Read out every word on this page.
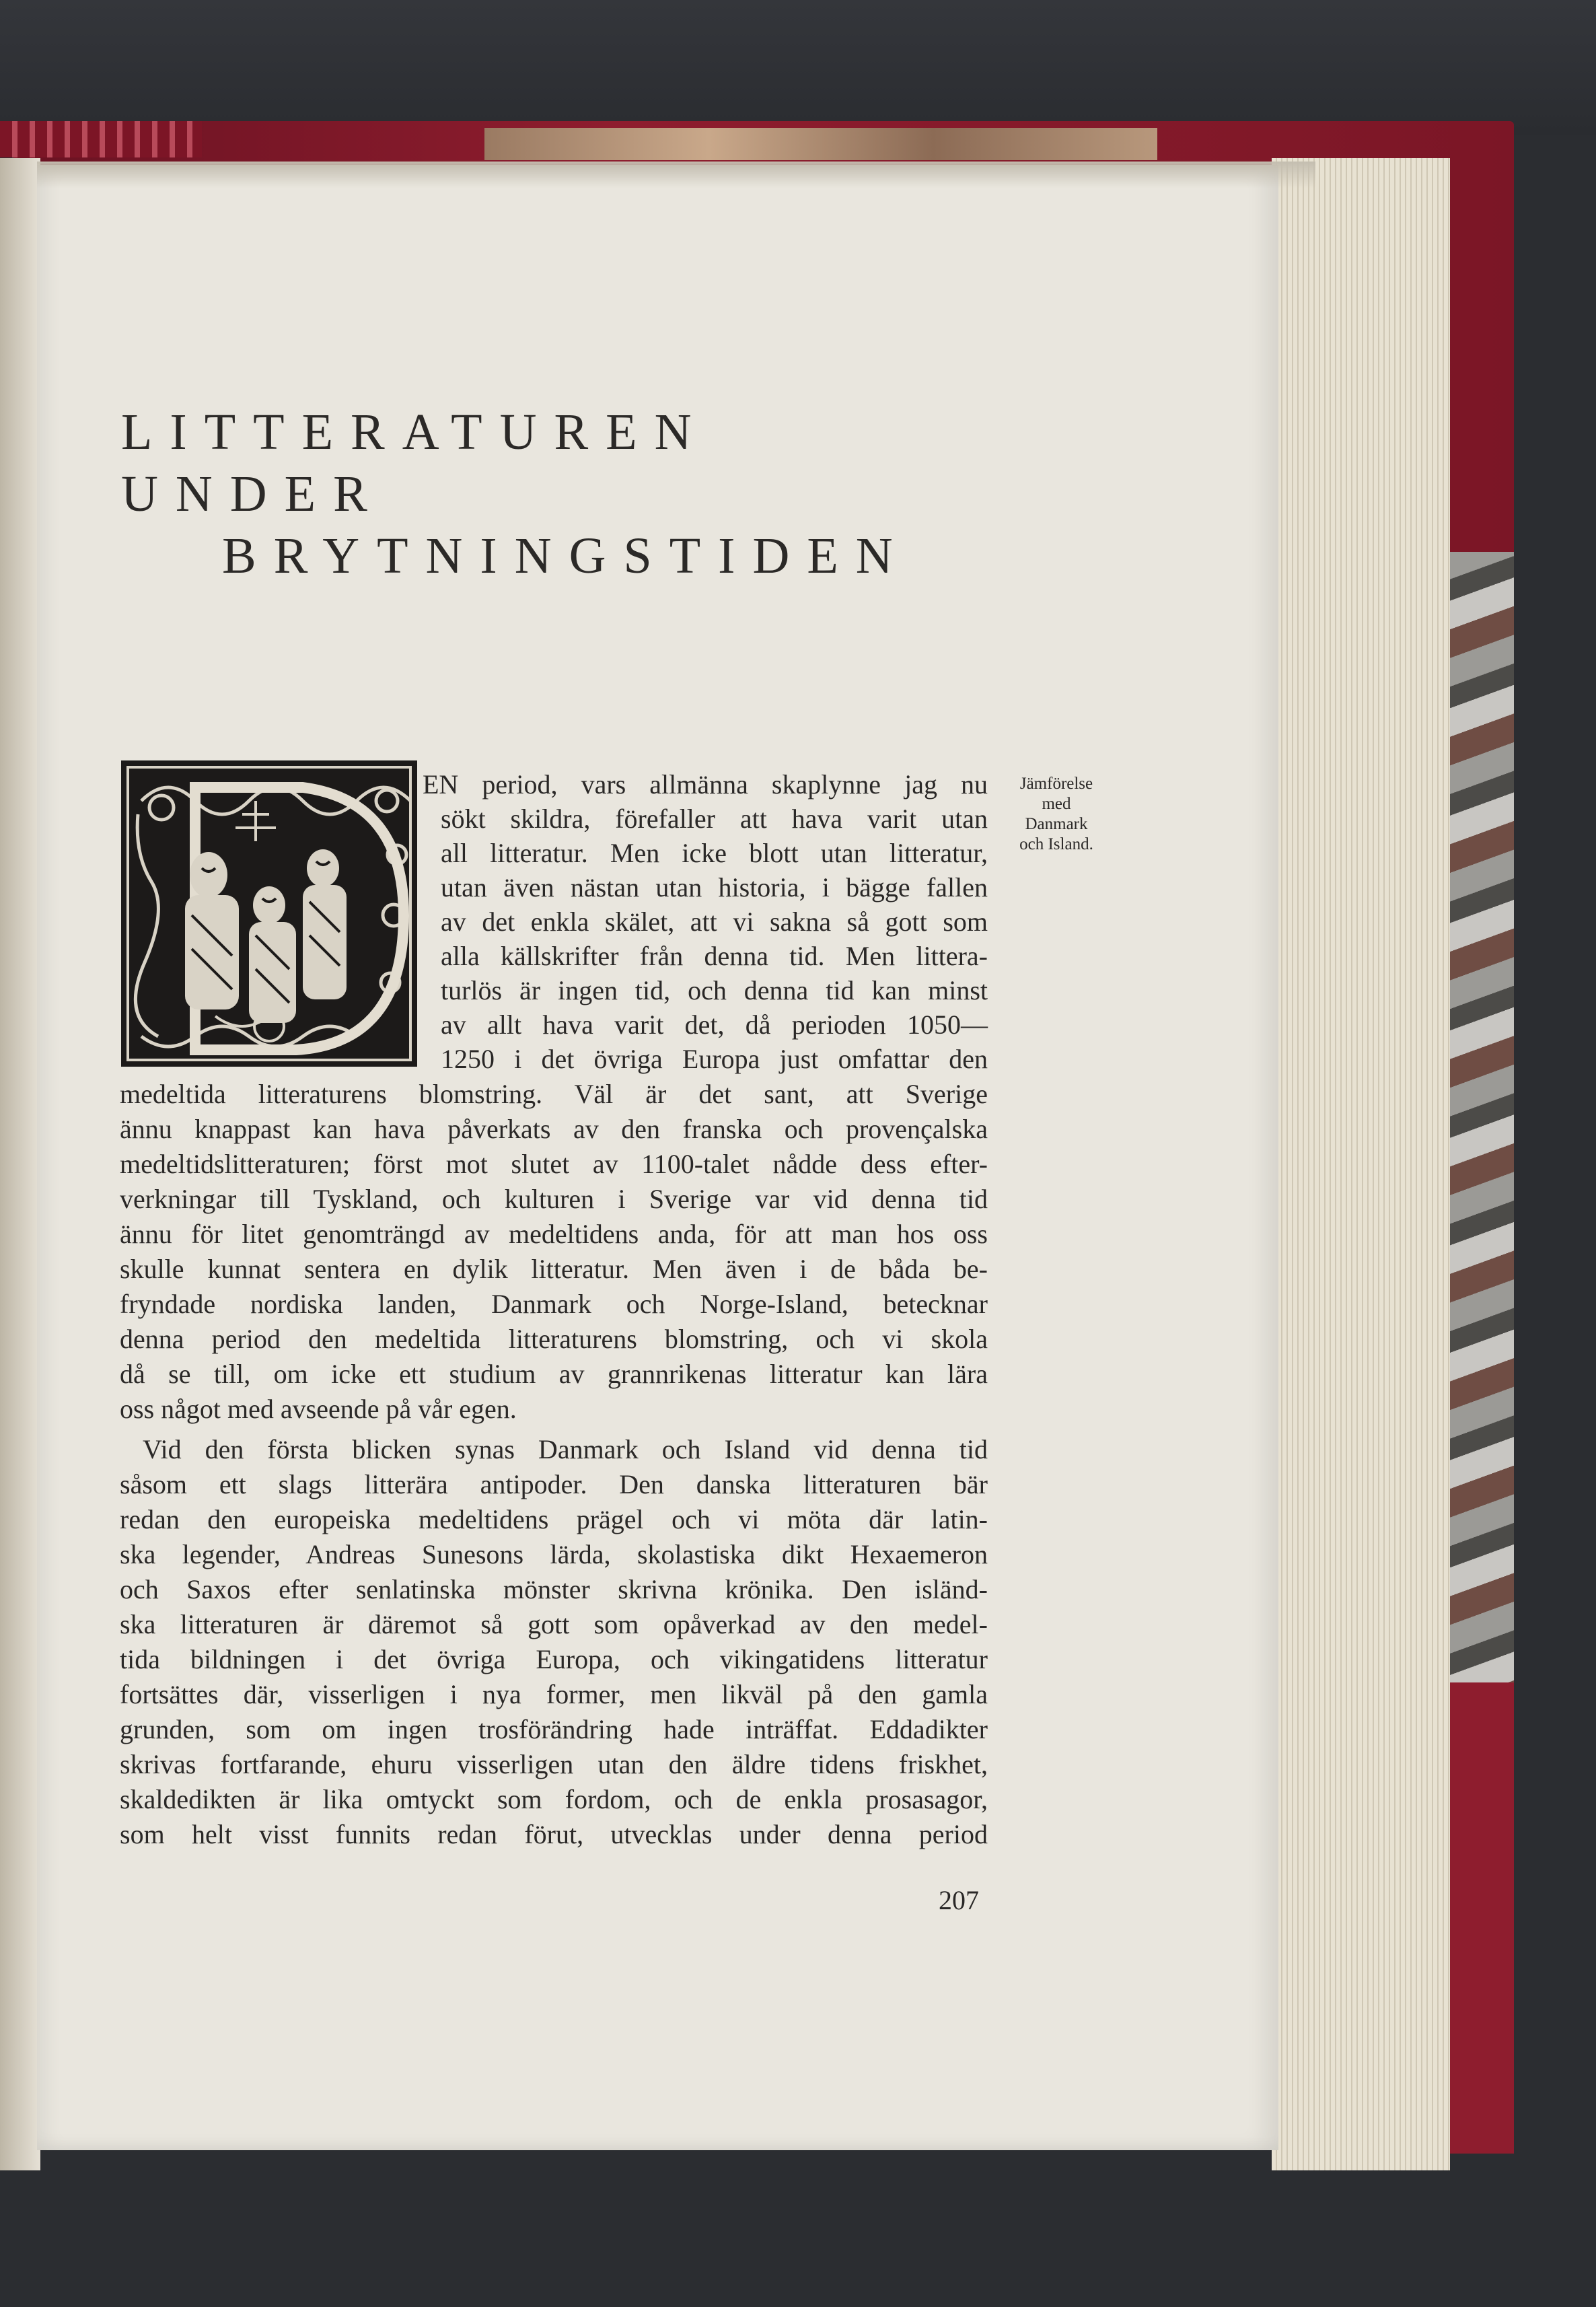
LITTERATUREN UNDER
BRYTNINGSTIDEN
EN period, vars allmänna skaplynne jag nu
sökt skildra, förefaller att hava varit utan
all litteratur. Men icke blott utan litteratur,
utan även nästan utan historia, i bägge fallen
av det enkla skälet, att vi sakna så gott som
alla källskrifter från denna tid. Men littera-
turlös är ingen tid, och denna tid kan minst
av allt hava varit det, då perioden 1050—
1250 i det övriga Europa just omfattar den
medeltida litteraturens blomstring. Väl är det sant, att Sverige
ännu knappast kan hava påverkats av den franska och provençalska
medeltidslitteraturen; först mot slutet av 1100-talet nådde dess efter-
verkningar till Tyskland, och kulturen i Sverige var vid denna tid
ännu för litet genomträngd av medeltidens anda, för att man hos oss
skulle kunnat sentera en dylik litteratur. Men även i de båda be-
fryndade nordiska landen, Danmark och Norge-Island, betecknar
denna period den medeltida litteraturens blomstring, och vi skola
då se till, om icke ett studium av grannrikenas litteratur kan lära
oss något med avseende på vår egen.
Vid den första blicken synas Danmark och Island vid denna tid
såsom ett slags litterära antipoder. Den danska litteraturen bär
redan den europeiska medeltidens prägel och vi möta där latin-
ska legender, Andreas Sunesons lärda, skolastiska dikt Hexaemeron
och Saxos efter senlatinska mönster skrivna krönika. Den isländ-
ska litteraturen är däremot så gott som opåverkad av den medel-
tida bildningen i det övriga Europa, och vikingatidens litteratur
fortsättes där, visserligen i nya former, men likväl på den gamla
grunden, som om ingen trosförändring hade inträffat. Eddadikter
skrivas fortfarande, ehuru visserligen utan den äldre tidens friskhet,
skaldedikten är lika omtyckt som fordom, och de enkla prosasagor,
som helt visst funnits redan förut, utvecklas under denna period
Jämförelse
med
Danmark
och Island.
207
